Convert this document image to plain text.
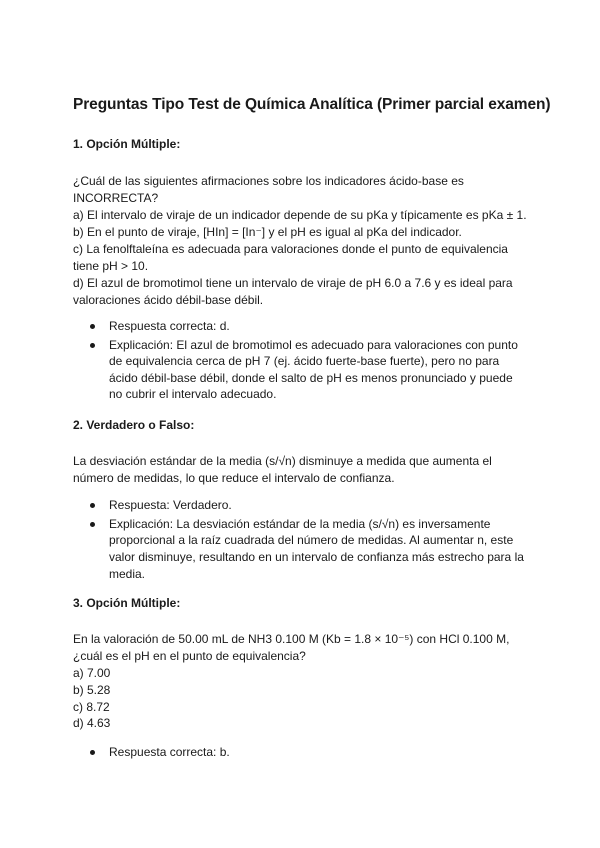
Preguntas Tipo Test de Química Analítica (Primer parcial examen)
1. Opción Múltiple:
¿Cuál de las siguientes afirmaciones sobre los indicadores ácido-base es
INCORRECTA?
a) El intervalo de viraje de un indicador depende de su pKa y típicamente es pKa ± 1.
b) En el punto de viraje, [HIn] = [In⁻] y el pH es igual al pKa del indicador.
c) La fenolftaleína es adecuada para valoraciones donde el punto de equivalencia
tiene pH > 10.
d) El azul de bromotimol tiene un intervalo de viraje de pH 6.0 a 7.6 y es ideal para
valoraciones ácido débil-base débil.
Respuesta correcta: d.
Explicación: El azul de bromotimol es adecuado para valoraciones con punto
de equivalencia cerca de pH 7 (ej. ácido fuerte-base fuerte), pero no para
ácido débil-base débil, donde el salto de pH es menos pronunciado y puede
no cubrir el intervalo adecuado.
2. Verdadero o Falso:
La desviación estándar de la media (s/√n) disminuye a medida que aumenta el
número de medidas, lo que reduce el intervalo de confianza.
Respuesta: Verdadero.
Explicación: La desviación estándar de la media (s/√n) es inversamente
proporcional a la raíz cuadrada del número de medidas. Al aumentar n, este
valor disminuye, resultando en un intervalo de confianza más estrecho para la
media.
3. Opción Múltiple:
En la valoración de 50.00 mL de NH3 0.100 M (Kb = 1.8 × 10⁻⁵) con HCl 0.100 M,
¿cuál es el pH en el punto de equivalencia?
a) 7.00
b) 5.28
c) 8.72
d) 4.63
Respuesta correcta: b.
